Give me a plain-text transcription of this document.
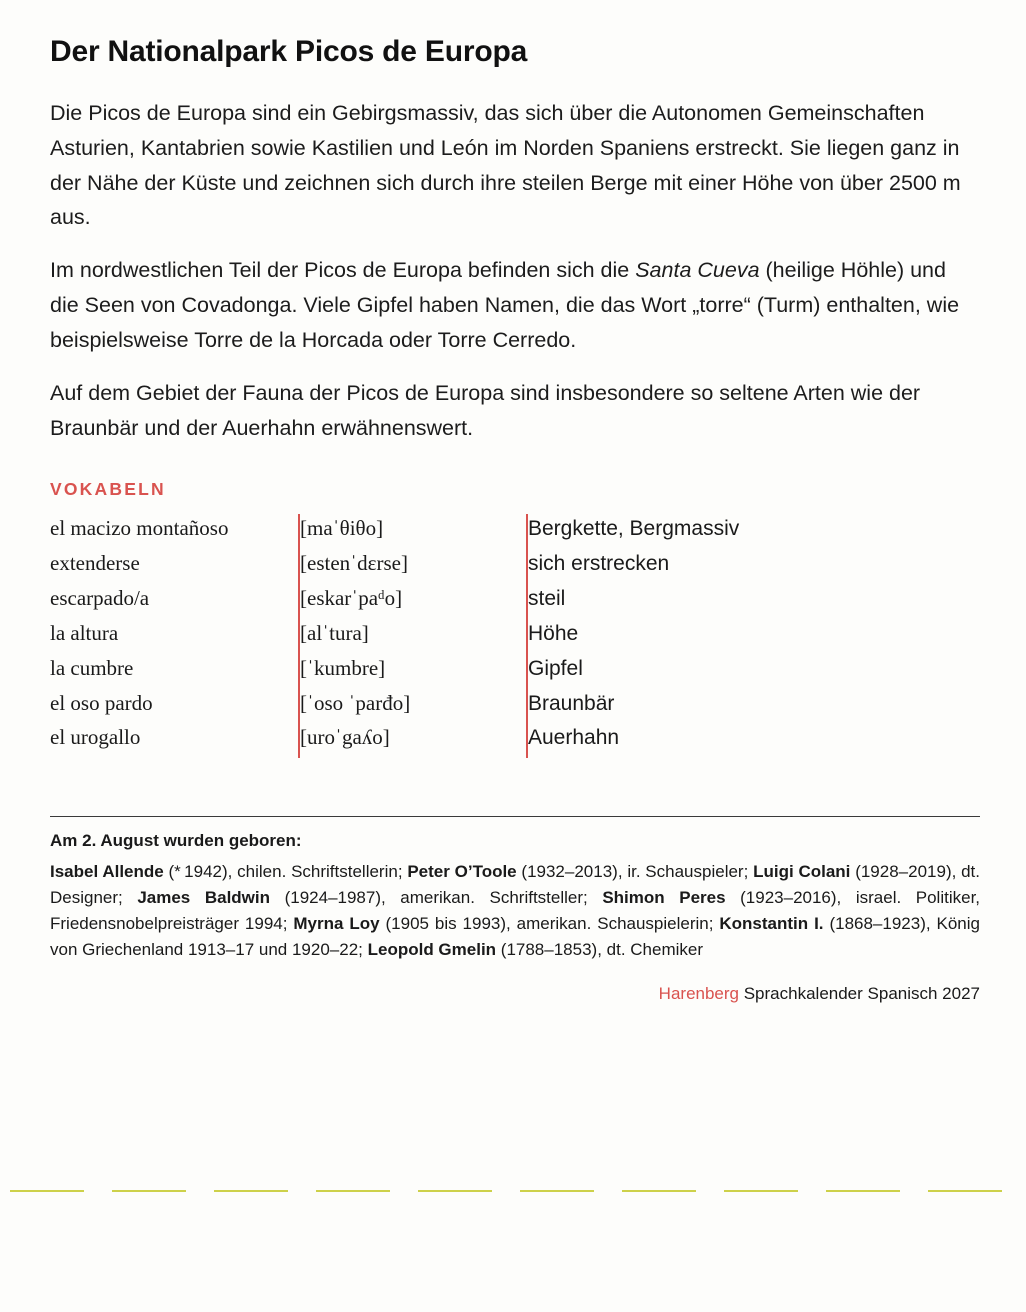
Der Nationalpark Picos de Europa

Die Picos de Europa sind ein Gebirgsmassiv, das sich über die Autonomen Gemeinschaften Asturien, Kantabrien sowie Kastilien und León im Norden Spaniens erstreckt. Sie liegen ganz in der Nähe der Küste und zeichnen sich durch ihre steilen Berge mit einer Höhe von über 2500 m aus.

Im nordwestlichen Teil der Picos de Europa befinden sich die Santa Cueva (heilige Höhle) und die Seen von Covadonga. Viele Gipfel haben Namen, die das Wort „torre“ (Turm) enthalten, wie beispielsweise Torre de la Horcada oder Torre Cerredo.

Auf dem Gebiet der Fauna der Picos de Europa sind insbesondere so seltene Arten wie der Braunbär und der Auerhahn erwähnenswert.

VOKABELN
el macizo montañoso	[maˈθiθo]	Bergkette, Bergmassiv
extenderse	[estenˈdɛrse]	sich erstrecken
escarpado/a	[eskarˈpaᵈo]	steil
la altura	[alˈtura]	Höhe
la cumbre	[ˈkumbre]	Gipfel
el oso pardo	[ˈoso ˈparđo]	Braunbär
el urogallo	[uroˈgaʎo]	Auerhahn
Am 2. August wurden geboren:

Isabel Allende (* 1942), chilen. Schriftstellerin; Peter O’Toole (1932–2013), ir. Schauspieler; Luigi Colani (1928–2019), dt. Designer; James Baldwin (1924–1987), amerikan. Schriftsteller; Shimon Peres (1923–2016), israel. Politiker, Friedensnobelpreisträger 1994; Myrna Loy (1905 bis 1993), amerikan. Schauspielerin; Konstantin I. (1868–1923), König von Griechenland 1913–17 und 1920–22; Leopold Gmelin (1788–1853), dt. Chemiker

Harenberg Sprachkalender Spanisch 2027
